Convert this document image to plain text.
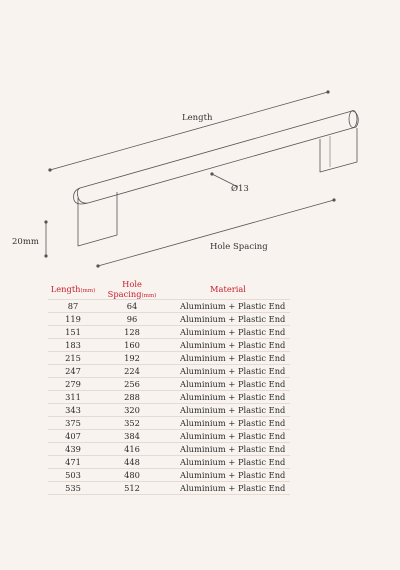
Length
Ø13
20mm	Hole Spacing
Length(mm)	Hole Spacing(mm)	Material
87	64	Aluminium + Plastic End
119	96	Aluminium + Plastic End
151	128	Aluminium + Plastic End
183	160	Aluminium + Plastic End
215	192	Aluminium + Plastic End
247	224	Aluminium + Plastic End
279	256	Aluminium + Plastic End
311	288	Aluminium + Plastic End
343	320	Aluminium + Plastic End
375	352	Aluminium + Plastic End
407	384	Aluminium + Plastic End
439	416	Aluminium + Plastic End
471	448	Aluminium + Plastic End
503	480	Aluminium + Plastic End
535	512	Aluminium + Plastic End
